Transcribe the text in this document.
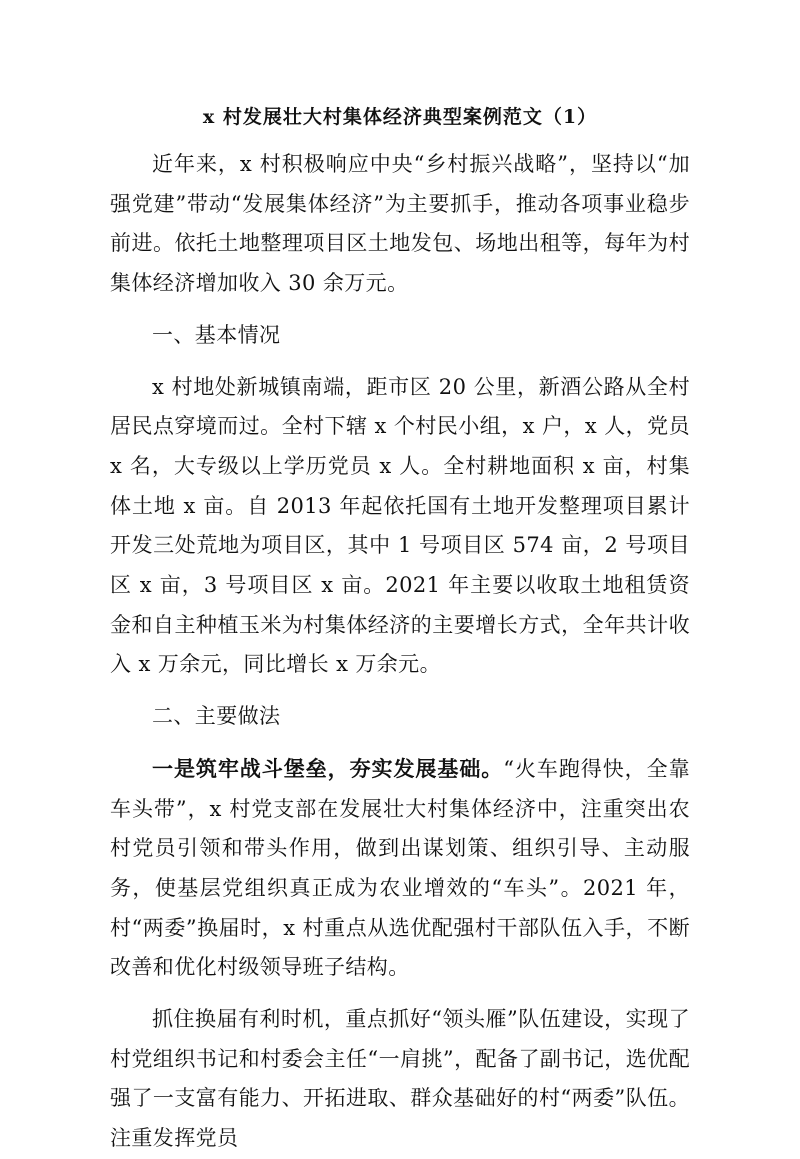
x 村发展壮大村集体经济典型案例范文（1）

近年来，x 村积极响应中央“乡村振兴战略”，坚持以“加强党建”带动“发展集体经济”为主要抓手，推动各项事业稳步前进。依托土地整理项目区土地发包、场地出租等，每年为村集体经济增加收入 30 余万元。

一、基本情况

x 村地处新城镇南端，距市区 20 公里，新酒公路从全村居民点穿境而过。全村下辖 x 个村民小组，x 户，x 人，党员 x 名，大专级以上学历党员 x 人。全村耕地面积 x 亩，村集体土地 x 亩。自 2013 年起依托国有土地开发整理项目累计开发三处荒地为项目区，其中 1 号项目区 574 亩，2 号项目区 x 亩，3 号项目区 x 亩。2021 年主要以收取土地租赁资金和自主种植玉米为村集体经济的主要增长方式，全年共计收入 x 万余元，同比增长 x 万余元。

二、主要做法

一是筑牢战斗堡垒，夯实发展基础。“火车跑得快，全靠车头带”，x 村党支部在发展壮大村集体经济中，注重突出农村党员引领和带头作用，做到出谋划策、组织引导、主动服务，使基层党组织真正成为农业增效的“车头”。2021 年，村“两委”换届时，x 村重点从选优配强村干部队伍入手，不断改善和优化村级领导班子结构。

抓住换届有利时机，重点抓好“领头雁”队伍建设，实现了村党组织书记和村委会主任“一肩挑”，配备了副书记，选优配强了一支富有能力、开拓进取、群众基础好的村“两委”队伍。注重发挥党员
